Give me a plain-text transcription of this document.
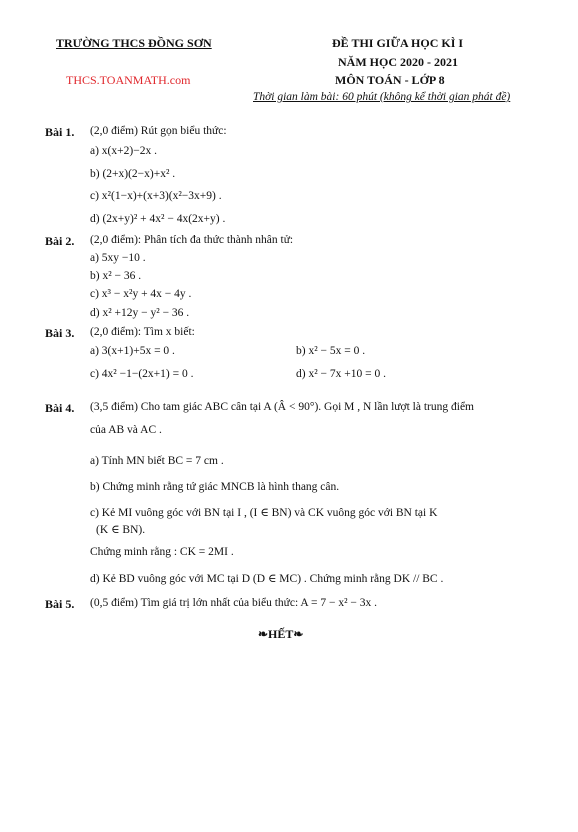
TRƯỜNG THCS ĐỒNG SƠN
THCS.TOANMATH.com
ĐỀ THI GIỮA HỌC KÌ I
NĂM HỌC 2020 - 2021
MÔN TOÁN - LỚP 8
Thời gian làm bài: 60 phút (không kể thời gian phát đề)
Bài 1. (2,0 điểm) Rút gọn biểu thức:
a) x(x+2)−2x .
b) (2+x)(2−x)+x² .
c) x²(1−x)+(x+3)(x²−3x+9) .
d) (2x+y)² + 4x² − 4x(2x+y) .
Bài 2. (2,0 điểm): Phân tích đa thức thành nhân tử:
a) 5xy −10 .
b) x² − 36 .
c) x³ − x²y + 4x − 4y .
d) x² +12y − y² − 36 .
Bài 3. (2,0 điểm): Tìm x biết:
a) 3(x+1)+5x = 0 .	b) x² − 5x = 0 .
c) 4x² −1−(2x+1) = 0 .	d) x² − 7x +10 = 0 .
Bài 4. (3,5 điểm) Cho tam giác ABC cân tại A (Â < 90°). Gọi M , N lần lượt là trung điểm
của AB và AC .
a) Tính MN biết BC = 7 cm .
b) Chứng minh rằng tứ giác MNCB là hình thang cân.
c) Kẻ MI vuông góc với BN tại I , (I ∈ BN) và CK vuông góc với BN tại K
(K ∈ BN).
Chứng minh rằng : CK = 2MI .
d) Kẻ BD vuông góc với MC tại D (D ∈ MC) . Chứng minh rằng DK // BC .
Bài 5. (0,5 điểm) Tìm giá trị lớn nhất của biểu thức: A = 7 − x² − 3x .
❧HẾT❧
